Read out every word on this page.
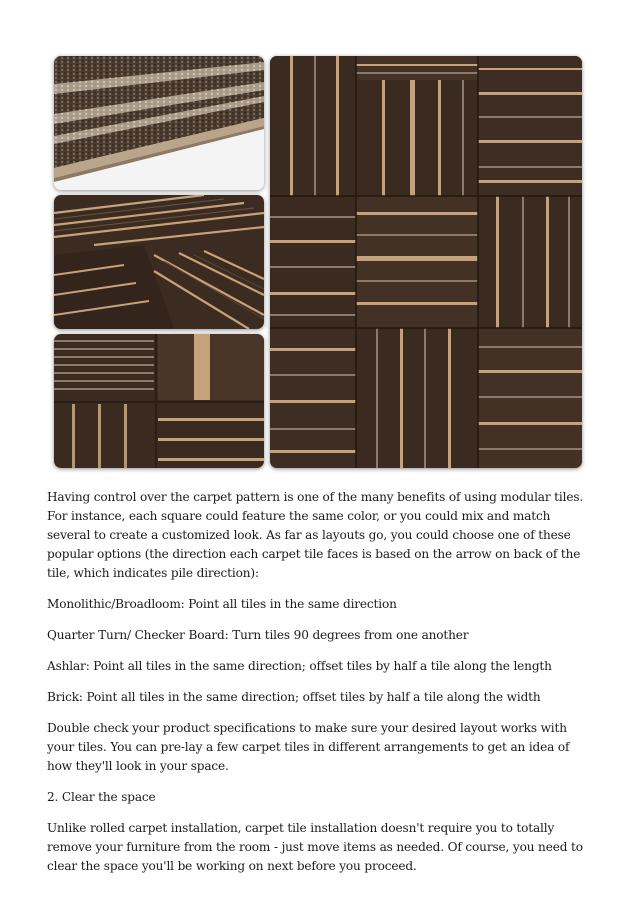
Having control over the carpet pattern is one of the many benefits of using modular tiles. For instance, each square could feature the same color, or you could mix and match several to create a customized look. As far as layouts go, you could choose one of these popular options (the direction each carpet tile faces is based on the arrow on back of the tile, which indicates pile direction):

Monolithic/Broadloom: Point all tiles in the same direction

Quarter Turn/ Checker Board: Turn tiles 90 degrees from one another

Ashlar: Point all tiles in the same direction; offset tiles by half a tile along the length

Brick: Point all tiles in the same direction; offset tiles by half a tile along the width

Double check your product specifications to make sure your desired layout works with your tiles. You can pre-lay a few carpet tiles in different arrangements to get an idea of how they'll look in your space.

2. Clear the space

Unlike rolled carpet installation, carpet tile installation doesn't require you to totally remove your furniture from the room - just move items as needed. Of course, you need to clear the space you'll be working on next before you proceed.
